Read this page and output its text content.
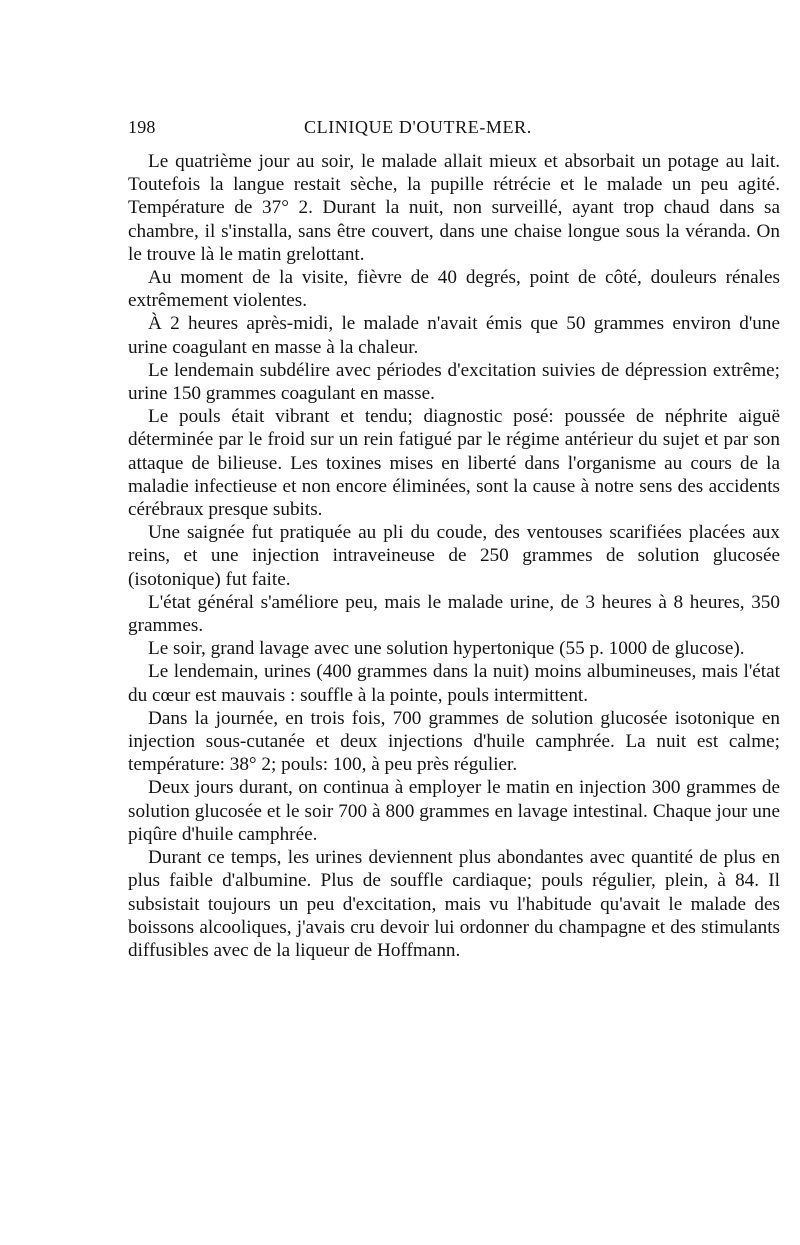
198	CLINIQUE D'OUTRE-MER.

Le quatrième jour au soir, le malade allait mieux et absorbait un potage au lait. Toutefois la langue restait sèche, la pupille rétrécie et le malade un peu agité. Température de 37° 2. Durant la nuit, non surveillé, ayant trop chaud dans sa chambre, il s'installa, sans être couvert, dans une chaise longue sous la véranda. On le trouve là le matin grelottant.

Au moment de la visite, fièvre de 40 degrés, point de côté, douleurs rénales extrêmement violentes.

À 2 heures après-midi, le malade n'avait émis que 50 grammes environ d'une urine coagulant en masse à la chaleur.

Le lendemain subdélire avec périodes d'excitation suivies de dépression extrême; urine 150 grammes coagulant en masse.

Le pouls était vibrant et tendu; diagnostic posé: poussée de néphrite aiguë déterminée par le froid sur un rein fatigué par le régime antérieur du sujet et par son attaque de bilieuse. Les toxines mises en liberté dans l'organisme au cours de la maladie infectieuse et non encore éliminées, sont la cause à notre sens des accidents cérébraux presque subits.

Une saignée fut pratiquée au pli du coude, des ventouses scarifiées placées aux reins, et une injection intraveineuse de 250 grammes de solution glucosée (isotonique) fut faite.

L'état général s'améliore peu, mais le malade urine, de 3 heures à 8 heures, 350 grammes.

Le soir, grand lavage avec une solution hypertonique (55 p. 1000 de glucose).

Le lendemain, urines (400 grammes dans la nuit) moins albumineuses, mais l'état du cœur est mauvais : souffle à la pointe, pouls intermittent.

Dans la journée, en trois fois, 700 grammes de solution glucosée isotonique en injection sous-cutanée et deux injections d'huile camphrée. La nuit est calme; température: 38° 2; pouls: 100, à peu près régulier.

Deux jours durant, on continua à employer le matin en injection 300 grammes de solution glucosée et le soir 700 à 800 grammes en lavage intestinal. Chaque jour une piqûre d'huile camphrée.

Durant ce temps, les urines deviennent plus abondantes avec quantité de plus en plus faible d'albumine. Plus de souffle cardiaque; pouls régulier, plein, à 84. Il subsistait toujours un peu d'excitation, mais vu l'habitude qu'avait le malade des boissons alcooliques, j'avais cru devoir lui ordonner du champagne et des stimulants diffusibles avec de la liqueur de Hoffmann.
